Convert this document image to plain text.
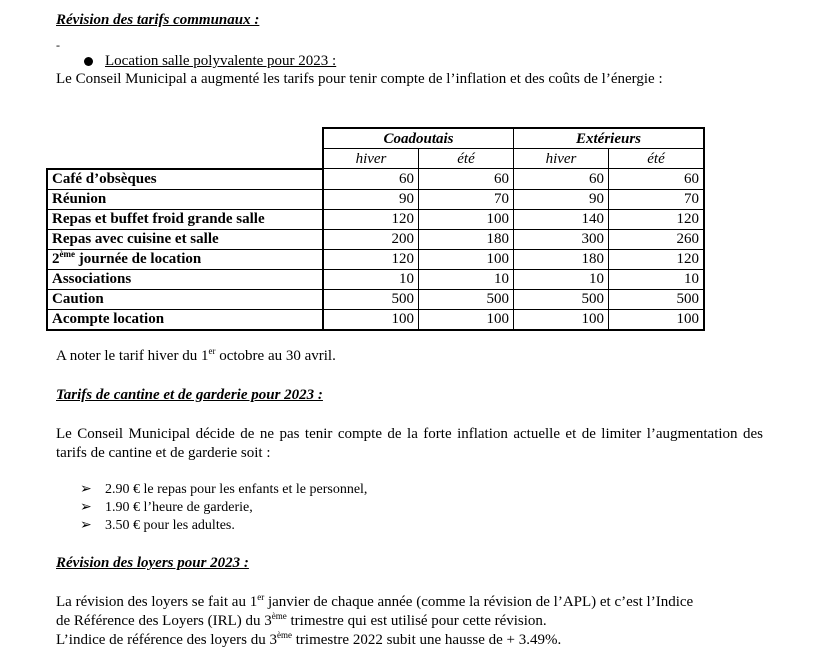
Révision des tarifs communaux :
-
Location salle polyvalente pour 2023 :
Le Conseil Municipal a augmenté les tarifs pour tenir compte de l’inflation et des coûts de l’énergie :
	Coadoutais		Extérieurs	
	hiver	été	hiver	été
Café d’obsèques	60	60	60	60
Réunion	90	70	90	70
Repas et buffet froid grande salle	120	100	140	120
Repas avec cuisine et salle	200	180	300	260
2ème journée de location	120	100	180	120
Associations	10	10	10	10
Caution	500	500	500	500
Acompte location	100	100	100	100
A noter le tarif hiver du 1er octobre au 30 avril.
Tarifs de cantine et de garderie pour 2023 :
Le Conseil Municipal décide de ne pas tenir compte de la forte inflation actuelle et de limiter l’augmentation des tarifs de cantine et de garderie soit :
➢ 2.90 € le repas pour les enfants et le personnel,
➢ 1.90 € l’heure de garderie,
➢ 3.50 € pour les adultes.
Révision des loyers pour 2023 :
La révision des loyers se fait au 1er janvier de chaque année (comme la révision de l’APL) et c’est l’Indice
de Référence des Loyers (IRL) du 3ème trimestre qui est utilisé pour cette révision.
L’indice de référence des loyers du 3ème trimestre 2022 subit une hausse de + 3.49%.
